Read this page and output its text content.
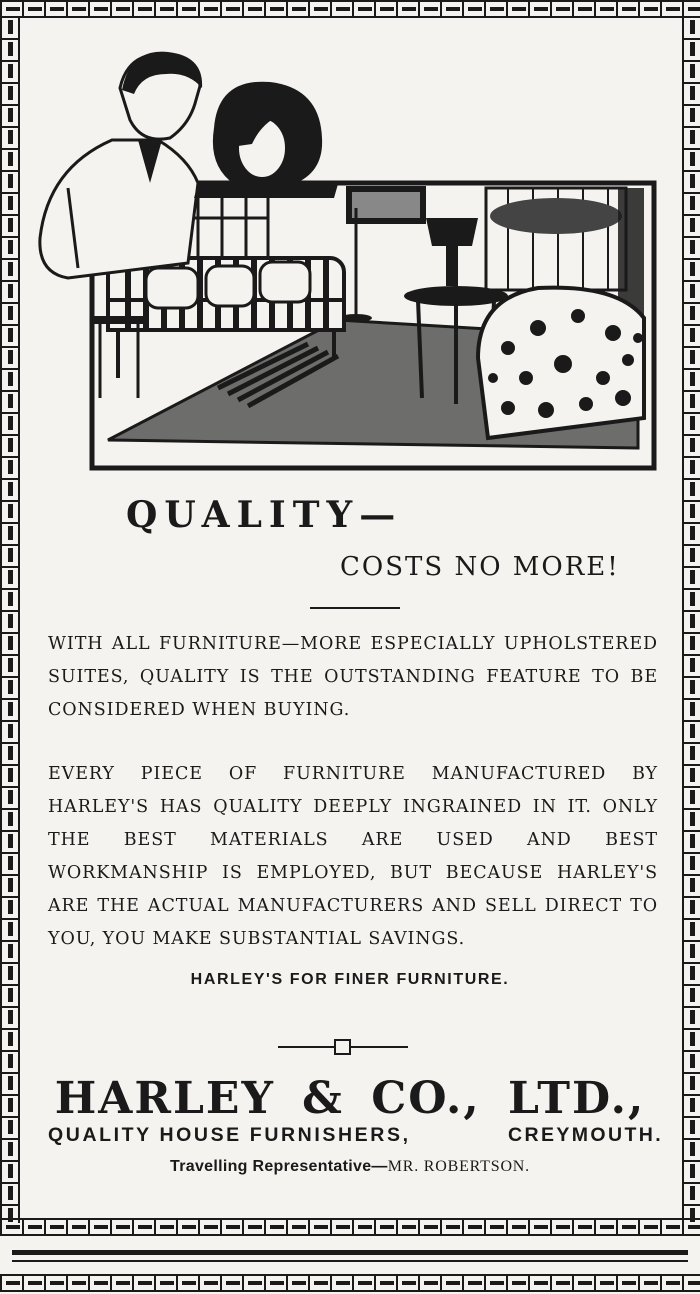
QUALITY—

COSTS NO MORE!

WITH ALL FURNITURE—MORE ESPECIALLY UPHOLSTERED SUITES, QUALITY IS THE OUTSTANDING FEATURE TO BE CONSIDERED WHEN BUYING.

EVERY PIECE OF FURNITURE MANUFACTURED BY HARLEY'S HAS QUALITY DEEPLY INGRAINED IN IT. ONLY THE BEST MATERIALS ARE USED AND BEST WORKMANSHIP IS EMPLOYED, BUT BECAUSE HARLEY'S ARE THE ACTUAL MANUFACTURERS AND SELL DIRECT TO YOU, YOU MAKE SUBSTANTIAL SAVINGS.

HARLEY'S FOR FINER FURNITURE.

HARLEY & CO., LTD.,

QUALITY HOUSE FURNISHERS,	CREYMOUTH.

Travelling Representative—MR. ROBERTSON.
